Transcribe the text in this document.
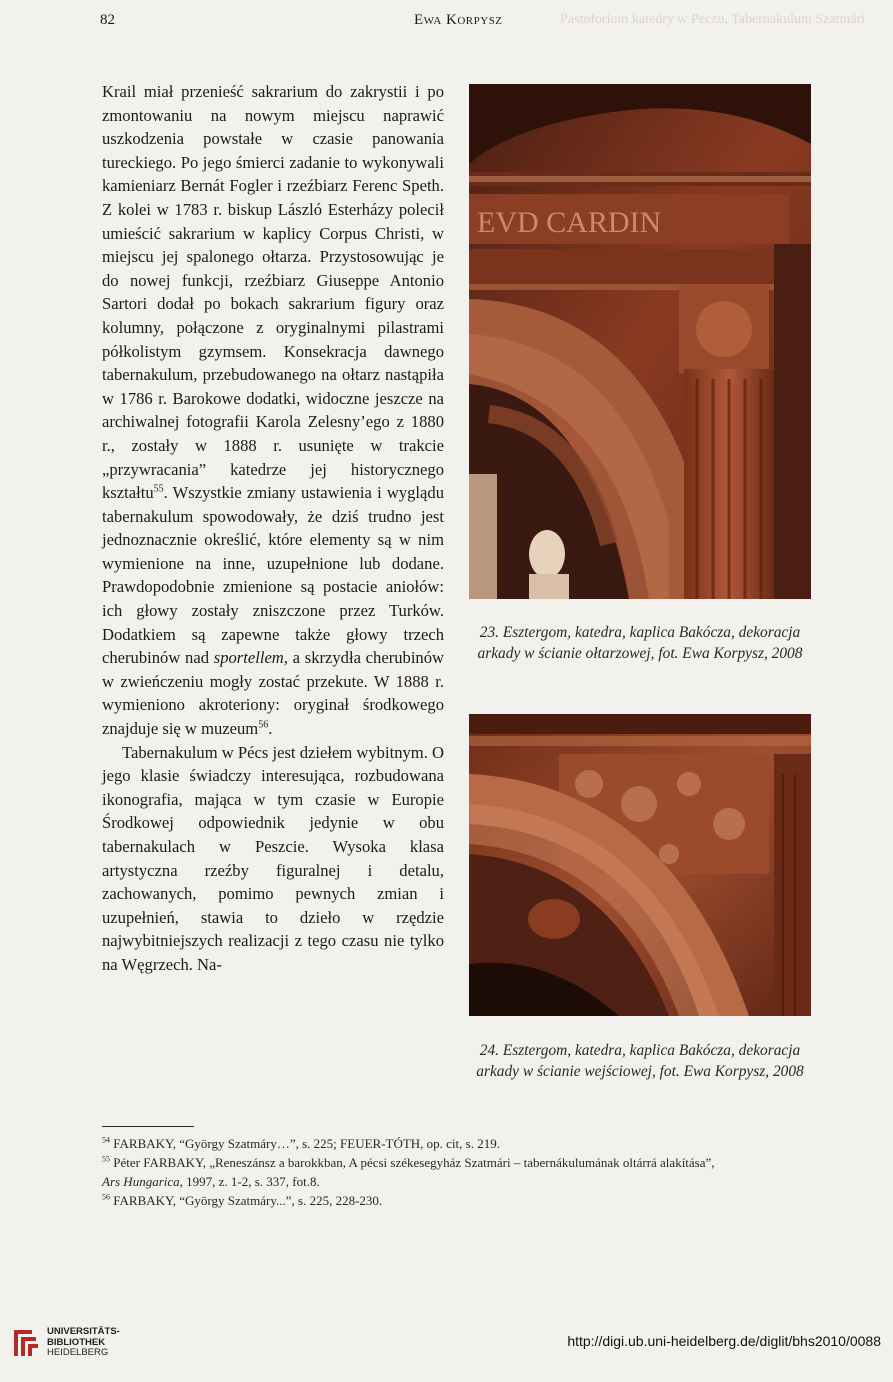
82	Ewa Korpysz	Pastoforium katedry w Peczu, Tabernakulum Szatmári

Krail miał przenieść sakrarium do zakrystii i po zmontowaniu na nowym miejscu naprawić uszkodzenia powstałe w czasie panowania tureckiego. Po jego śmierci zadanie to wykonywali kamieniarz Bernát Fogler i rzeźbiarz Ferenc Speth. Z kolei w 1783 r. biskup László Esterházy polecił umieścić sakrarium w kaplicy Corpus Christi, w miejscu jej spalonego ołtarza. Przystosowując je do nowej funkcji, rzeźbiarz Giuseppe Antonio Sartori dodał po bokach sakrarium figury oraz kolumny, połączone z oryginalnymi pilastrami półkolistym gzymsem. Konsekracja dawnego tabernakulum, przebudowanego na ołtarz nastąpiła w 1786 r. Barokowe dodatki, widoczne jeszcze na archiwalnej fotografii Karola Zelesny’ego z 1880 r., zostały w 1888 r. usunięte w trakcie „przywracania” katedrze jej historycznego kształtu$^{55}$. Wszystkie zmiany ustawienia i wyglądu tabernakulum spowodowały, że dziś trudno jest jednoznacznie określić, które elementy są w nim wymienione na inne, uzupełnione lub dodane. Prawdopodobnie zmienione są postacie aniołów: ich głowy zostały zniszczone przez Turków. Dodatkiem są zapewne także głowy trzech cherubinów nad sportellem, a skrzydła cherubinów w zwieńczeniu mogły zostać przekute. W 1888 r. wymieniono akroteriony: oryginał środkowego znajduje się w muzeum$^{56}$.

Tabernakulum w Pécs jest dziełem wybitnym. O jego klasie świadczy interesująca, rozbudowana ikonografia, mająca w tym czasie w Europie Środkowej odpowiednik jedynie w obu tabernakulach w Peszcie. Wysoka klasa artystyczna rzeźby figuralnej i detalu, zachowanych, pomimo pewnych zmian i uzupełnień, stawia to dzieło w rzędzie najwybitniejszych realizacji z tego czasu nie tylko na Węgrzech. Na-

EVD CARDIN
23. Esztergom, katedra, kaplica Bakócza, dekoracja arkady w ścianie ołtarzowej, fot. Ewa Korpysz, 2008
24. Esztergom, katedra, kaplica Bakócza, dekoracja arkady w ścianie wejściowej, fot. Ewa Korpysz, 2008
$^{54}$ FARBAKY, “György Szatmáry…”, s. 225; FEUER-TÓTH, op. cit, s. 219.
$^{55}$ Péter FARBAKY, „Reneszánsz a barokkban, A pécsi székesegyház Szatmári – tabernákulumának oltárrá alakítása”,
Ars Hungarica, 1997, z. 1-2, s. 337, fot.8.
$^{56}$ FARBAKY, “György Szatmáry...”, s. 225, 228-230.
UNIVERSITÄTS-
BIBLIOTHEK
HEIDELBERG
http://digi.ub.uni-heidelberg.de/diglit/bhs2010/0088
